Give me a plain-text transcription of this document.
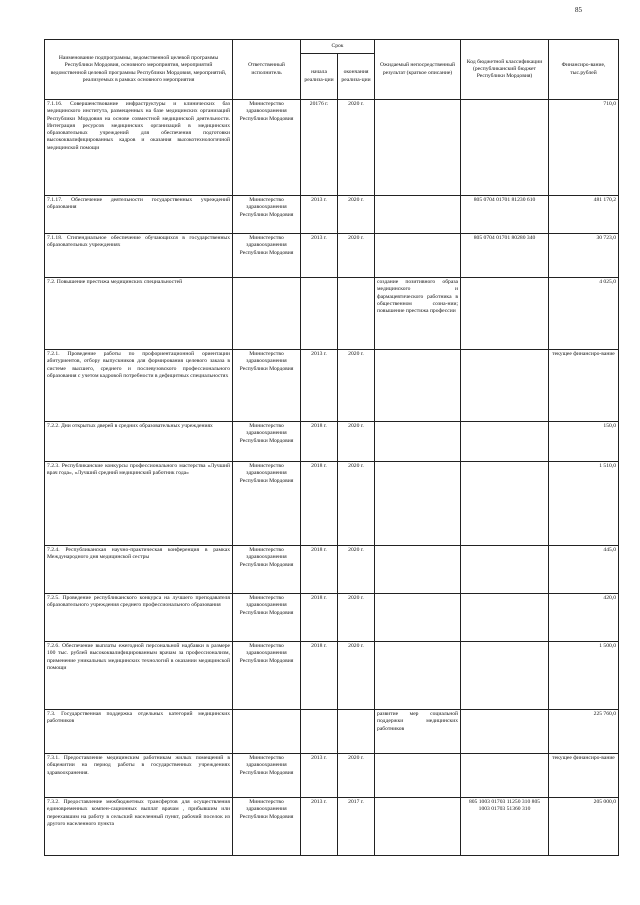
85
Наименование подпрограммы, ведомственной целевой программы Республики Мордовия, основного мероприятия, мероприятий ведомственной целевой программы Республики Мордовия, мероприятий, реализуемых в рамках основного мероприятия	Ответственный исполнитель	Срок		Ожидаемый непосредственный результат (краткое описание)	Код бюджетной классификации (республиканский бюджет Республики Мордовия)	Финансиро-вание, тыс.рублей
		начала реализа-ции	окончания реализа-ции			
7.1.16. Совершенствование инфраструктуры и клинических баз медицинского института, размещенных на базе медицинских организаций Республики Мордовия на основе совместной медицинской деятельности. Интеграция ресурсов медицинских организаций в медицинских образовательных учреждений для обеспечения подготовки высококвалифицированных кадров и оказания высокотехнологичной медицинской помощи	Министерство здравоохранения Республики Мордовия	20176 г.	2020 г.			710,0
7.1.17. Обеспечение деятельности государственных учреждений образования	Министерство здравоохранения Республики Мордовия	2013 г.	2020 г.		805 0704 01701 81230 610	481 170,2
7.1.18. Стипендиальное обеспечение обучающихся в государственных образовательных учреждениях	Министерство здравоохранения Республики Мордовия	2013 г.	2020 г.		805 0704 01701 80280 340	30 723,0
7.2. Повышение престижа медицинских специальностей				создание позитивного образа медицинского и фармацевтического работника в общественном созна-нии; повышение престижа профессии		4 025,0
7.2.1. Проведение работы по профориентационной ориентации абитуриентов, отбору выпускников для формирования целевого заказа в системе высшего, среднего и послевузовского профессионального образования с учетом кадровой потребности в дефицитных специальностях	Министерство здравоохранения Республики Мордовия	2013 г.	2020 г.			текущее финансиро-вание
7.2.2. Дни открытых дверей в средних образовательных учреждениях	Министерство здравоохранения Республики Мордовия	2018 г.	2020 г.			150,0
7.2.3. Республиканские конкурсы профессионального мастерства «Лучший врач года», «Лучший средний медицинский работник года»	Министерство здравоохранения Республики Мордовия	2018 г.	2020 г.			1 510,0
7.2.4. Республиканская научно-практическая конференция в рамках Международного дня медицинской сестры	Министерство здравоохранения Республики Мордовия	2018 г.	2020 г.			445,0
7.2.5. Проведение республиканского конкурса на лучшего преподавателя образовательного учреждения среднего профессионального образования	Министерство здравоохранения Республики Мордовия	2018 г.	2020 г.			420,0
7.2.6. Обеспечение выплаты ежегодной персональной надбавки в размере 100 тыс. рублей высококвалифицированным врачам за профессионализм, применение уникальных медицинских технологий в оказании медицинской помощи	Министерство здравоохранения Республики Мордовия	2018 г.	2020 г.			1 500,0
7.3. Государственная поддержка отдельных категорий медицинских работников				развитие мер социальной поддержки медицинских работников		225 760,0
7.3.1. Предоставление медицинским работникам жилых помещений в общежитии на период работы в государственных учреждениях здравоохранения.	Министерство здравоохранения Республики Мордовия	2013 г.	2020 г.			текущее финансиро-вание
7.3.2. Предоставление межбюджетных трансфертов для осуществления единовременных компен-сационных выплат врачам , прибывшим или переехавшим на работу в сельский населенный пункт, рабочий поселок из другого населенного пункта	Министерство здравоохранения Республики Мордовия	2013 г.	2017 г.		805 1003 01703 11250 310 805 1003 01703 51360 310	205 000,0
